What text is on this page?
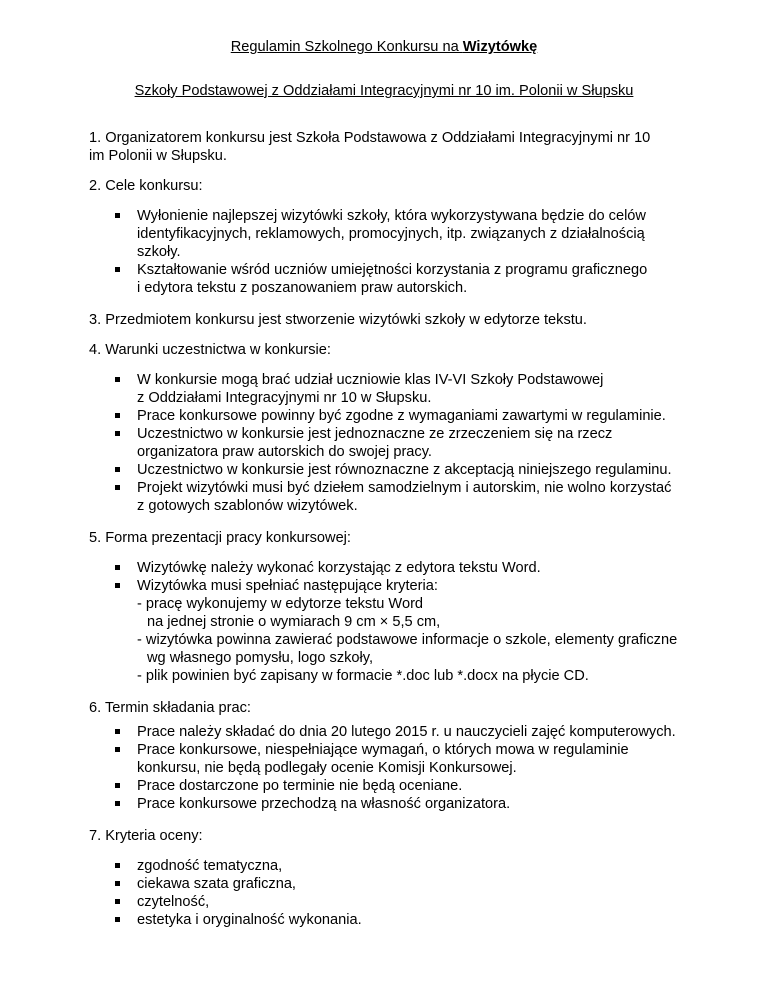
Regulamin Szkolnego Konkursu na Wizytówkę
Szkoły Podstawowej z Oddziałami Integracyjnymi nr 10 im. Polonii w Słupsku

1. Organizatorem konkursu jest Szkoła Podstawowa z Oddziałami Integracyjnymi nr 10
im Polonii w Słupsku.

2. Cele konkursu:

Wyłonienie najlepszej wizytówki szkoły, która wykorzystywana będzie do celów
identyfikacyjnych, reklamowych, promocyjnych, itp. związanych z działalnością
szkoły.
Kształtowanie wśród uczniów umiejętności korzystania z programu graficznego
i edytora tekstu z poszanowaniem praw autorskich.

3. Przedmiotem konkursu jest stworzenie wizytówki szkoły w edytorze tekstu.

4. Warunki uczestnictwa w konkursie:

W konkursie mogą brać udział uczniowie klas IV-VI Szkoły Podstawowej
z Oddziałami Integracyjnymi nr 10 w Słupsku.
Prace konkursowe powinny być zgodne z wymaganiami zawartymi w regulaminie.
Uczestnictwo w konkursie jest jednoznaczne ze zrzeczeniem się na rzecz
organizatora praw autorskich do swojej pracy.
Uczestnictwo w konkursie jest równoznaczne z akceptacją niniejszego regulaminu.
Projekt wizytówki musi być dziełem samodzielnym i autorskim, nie wolno korzystać
z gotowych szablonów wizytówek.

5. Forma prezentacji pracy konkursowej:

Wizytówkę należy wykonać korzystając z edytora tekstu Word.
Wizytówka musi spełniać następujące kryteria:
- pracę wykonujemy w edytorze tekstu Word
na jednej stronie o wymiarach 9 cm × 5,5 cm,
- wizytówka powinna zawierać podstawowe informacje o szkole, elementy graficzne
wg własnego pomysłu, logo szkoły,
- plik powinien być zapisany w formacie *.doc lub *.docx na płycie CD.

6. Termin składania prac:

Prace należy składać do dnia 20 lutego 2015 r. u nauczycieli zajęć komputerowych.
Prace konkursowe, niespełniające wymagań, o których mowa w regulaminie
konkursu, nie będą podlegały ocenie Komisji Konkursowej.
Prace dostarczone po terminie nie będą oceniane.
Prace konkursowe przechodzą na własność organizatora.

7. Kryteria oceny:

zgodność tematyczna,
ciekawa szata graficzna,
czytelność,
estetyka i oryginalność wykonania.
